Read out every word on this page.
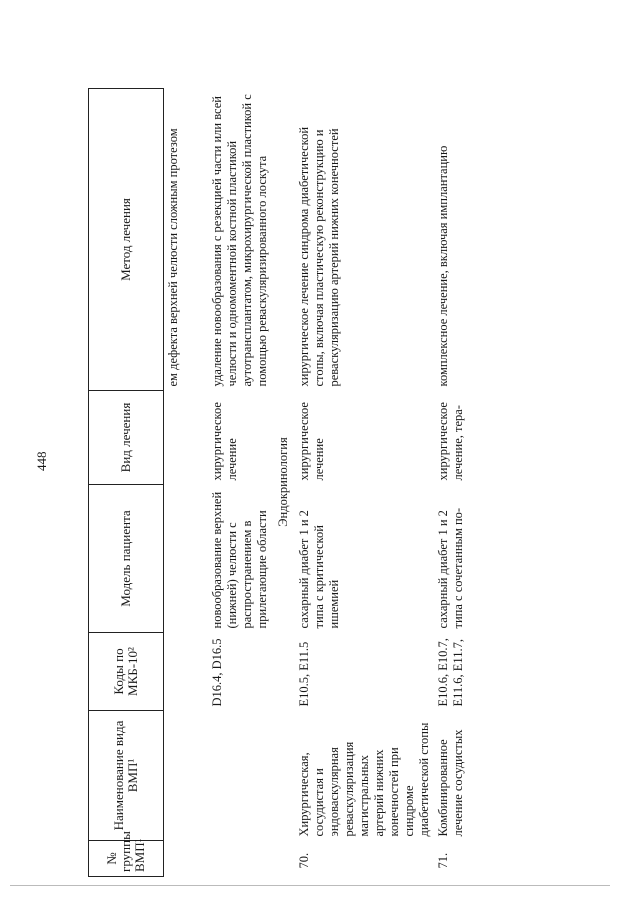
448
№ группы ВМП¹	Наименование вида ВМП¹	Коды по МКБ-10²	Модель пациента	Вид лечения	Метод лечения
					ем дефекта верхней челюсти сложным протезом
		D16.4, D16.5	новообразование верхней (нижней) челюсти с распространением в прилегающие области	хирургическое лечение	удаление новообразования с резекцией части или всей челюсти и одномоментной костной пластикой аутотрансплантатом, микрохирургической пластикой с помощью реваскуляризированного лоскута
Эндокринология					
70.	Хирургическая, сосудистая и эндоваскулярная реваскуляризация магистральных артерий нижних конечностей при синдроме диабетической стопы	E10.5, E11.5	сахарный диабет 1 и 2 типа с критической ишемией	хирургическое лечение	хирургическое лечение синдрома диабетической стопы, включая пластическую реконструкцию и реваскуляризацию артерий нижних конечностей
71.	Комбинированное лечение сосудистых	E10.6, E10.7, E11.6, E11.7,	сахарный диабет 1 и 2 типа с сочетанным по-	хирургическое лечение, тера-	комплексное лечение, включая имплантацию
